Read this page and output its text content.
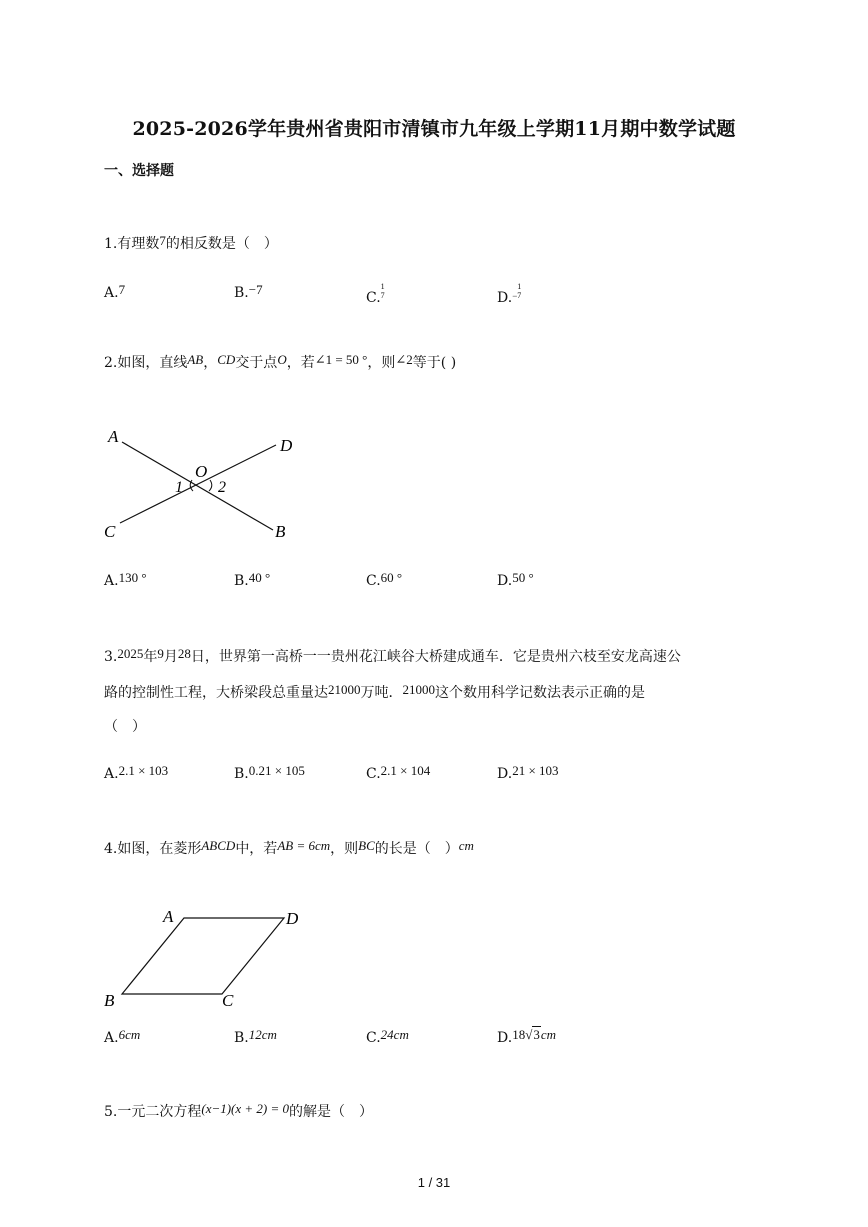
2025-2026学年贵州省贵阳市清镇市九年级上学期11月期中数学试题
一、选择题
1.有理数7的相反数是（　）
A.7	B.−7
C.
1
7	D.−
1
7
2.如图，直线AB，CD交于点O，若∠1 = 50 °，则∠2等于( )
A	D
O
1 2
C	B
A.130 °	B.40 °	C.60 °	D.50 °
3.2025年9月28日，世界第一高桥一一贵州花江峡谷大桥建成通车．它是贵州六枝至安龙高速公
路的控制性工程，大桥梁段总重量达21000万吨．21000这个数用科学记数法表示正确的是
（　）
$A.2.1 \times 10^3$	$B.0.21 \times 10^5$	$C.2.1 \times 10^4$	$D.21 \times 10^3$
4.如图，在菱形ABCD中，若AB = 6cm，则BC的长是（　）cm
A	D
B	C
A.6cm	B.12cm	C.24cm	D.18√3cm
5.一元二次方程(x−1)(x + 2) = 0的解是（　）
1 / 31
